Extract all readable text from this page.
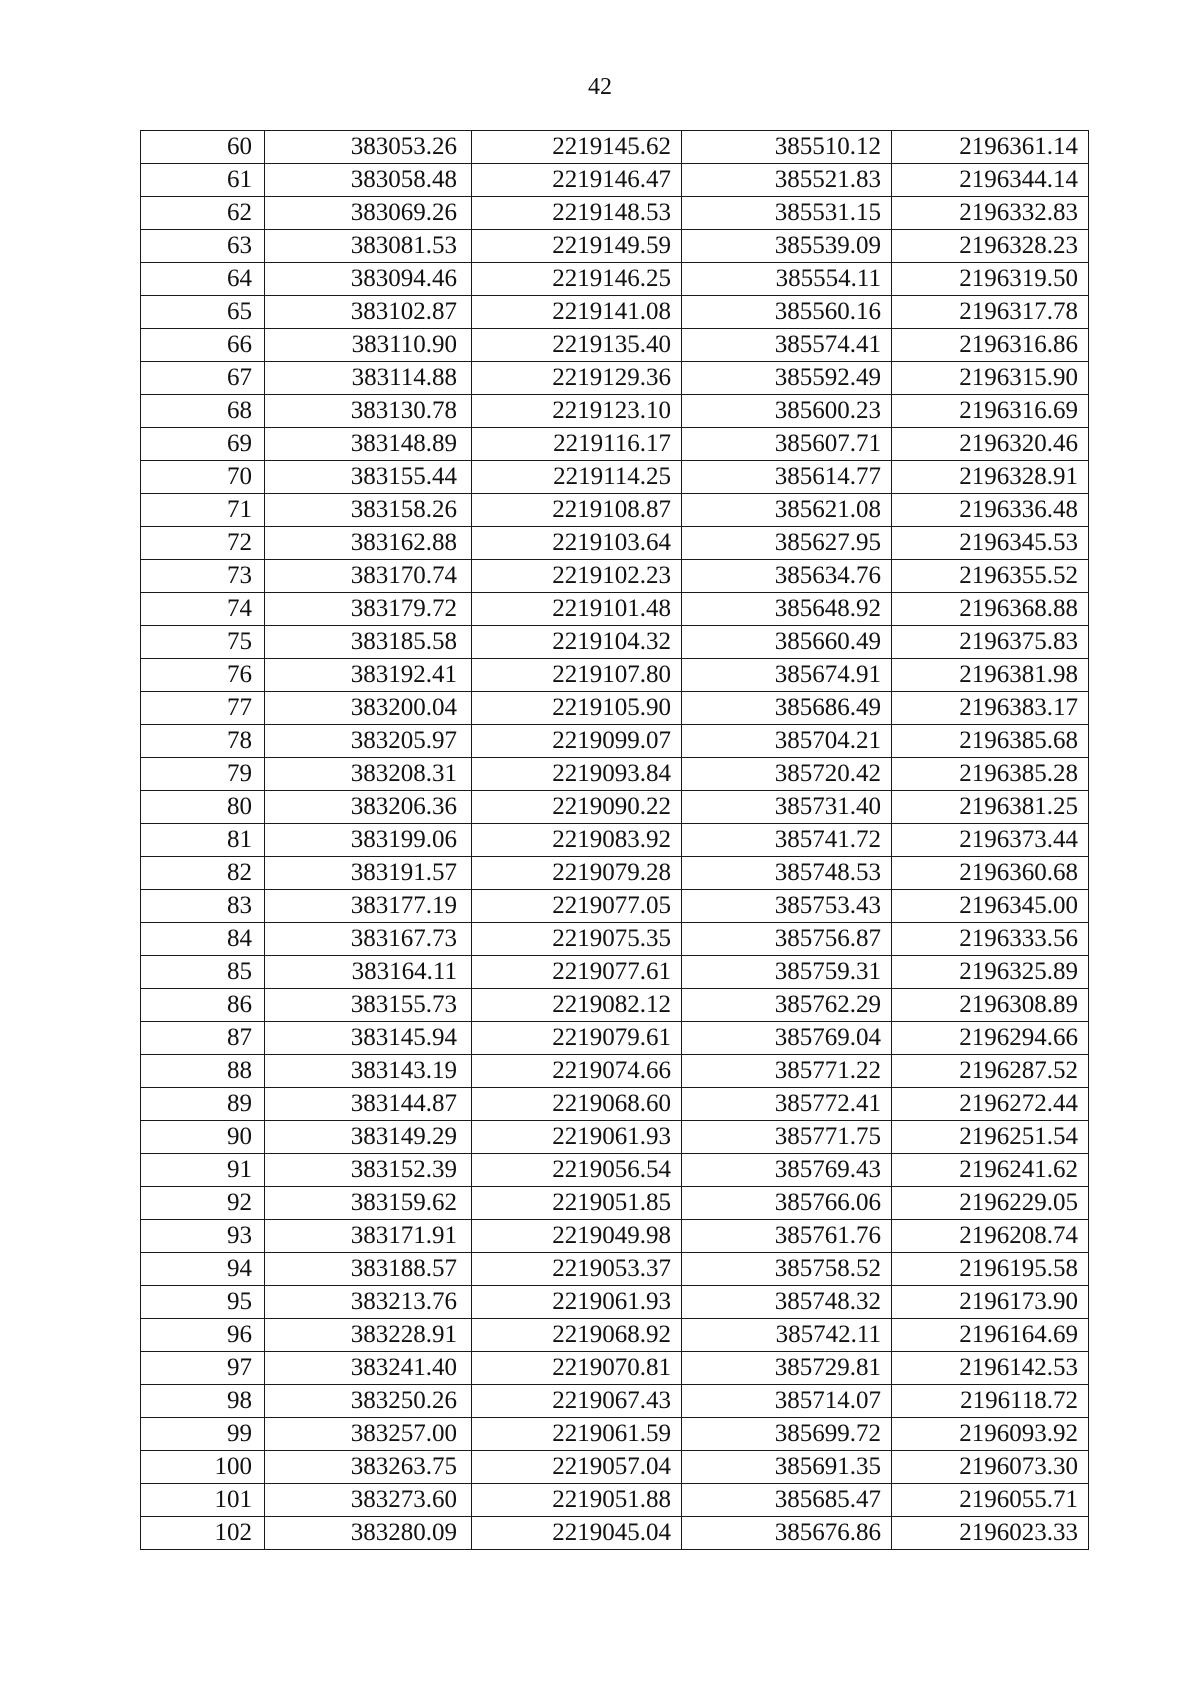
42
60	383053.26	2219145.62	385510.12	2196361.14
61	383058.48	2219146.47	385521.83	2196344.14
62	383069.26	2219148.53	385531.15	2196332.83
63	383081.53	2219149.59	385539.09	2196328.23
64	383094.46	2219146.25	385554.11	2196319.50
65	383102.87	2219141.08	385560.16	2196317.78
66	383110.90	2219135.40	385574.41	2196316.86
67	383114.88	2219129.36	385592.49	2196315.90
68	383130.78	2219123.10	385600.23	2196316.69
69	383148.89	2219116.17	385607.71	2196320.46
70	383155.44	2219114.25	385614.77	2196328.91
71	383158.26	2219108.87	385621.08	2196336.48
72	383162.88	2219103.64	385627.95	2196345.53
73	383170.74	2219102.23	385634.76	2196355.52
74	383179.72	2219101.48	385648.92	2196368.88
75	383185.58	2219104.32	385660.49	2196375.83
76	383192.41	2219107.80	385674.91	2196381.98
77	383200.04	2219105.90	385686.49	2196383.17
78	383205.97	2219099.07	385704.21	2196385.68
79	383208.31	2219093.84	385720.42	2196385.28
80	383206.36	2219090.22	385731.40	2196381.25
81	383199.06	2219083.92	385741.72	2196373.44
82	383191.57	2219079.28	385748.53	2196360.68
83	383177.19	2219077.05	385753.43	2196345.00
84	383167.73	2219075.35	385756.87	2196333.56
85	383164.11	2219077.61	385759.31	2196325.89
86	383155.73	2219082.12	385762.29	2196308.89
87	383145.94	2219079.61	385769.04	2196294.66
88	383143.19	2219074.66	385771.22	2196287.52
89	383144.87	2219068.60	385772.41	2196272.44
90	383149.29	2219061.93	385771.75	2196251.54
91	383152.39	2219056.54	385769.43	2196241.62
92	383159.62	2219051.85	385766.06	2196229.05
93	383171.91	2219049.98	385761.76	2196208.74
94	383188.57	2219053.37	385758.52	2196195.58
95	383213.76	2219061.93	385748.32	2196173.90
96	383228.91	2219068.92	385742.11	2196164.69
97	383241.40	2219070.81	385729.81	2196142.53
98	383250.26	2219067.43	385714.07	2196118.72
99	383257.00	2219061.59	385699.72	2196093.92
100	383263.75	2219057.04	385691.35	2196073.30
101	383273.60	2219051.88	385685.47	2196055.71
102	383280.09	2219045.04	385676.86	2196023.33
